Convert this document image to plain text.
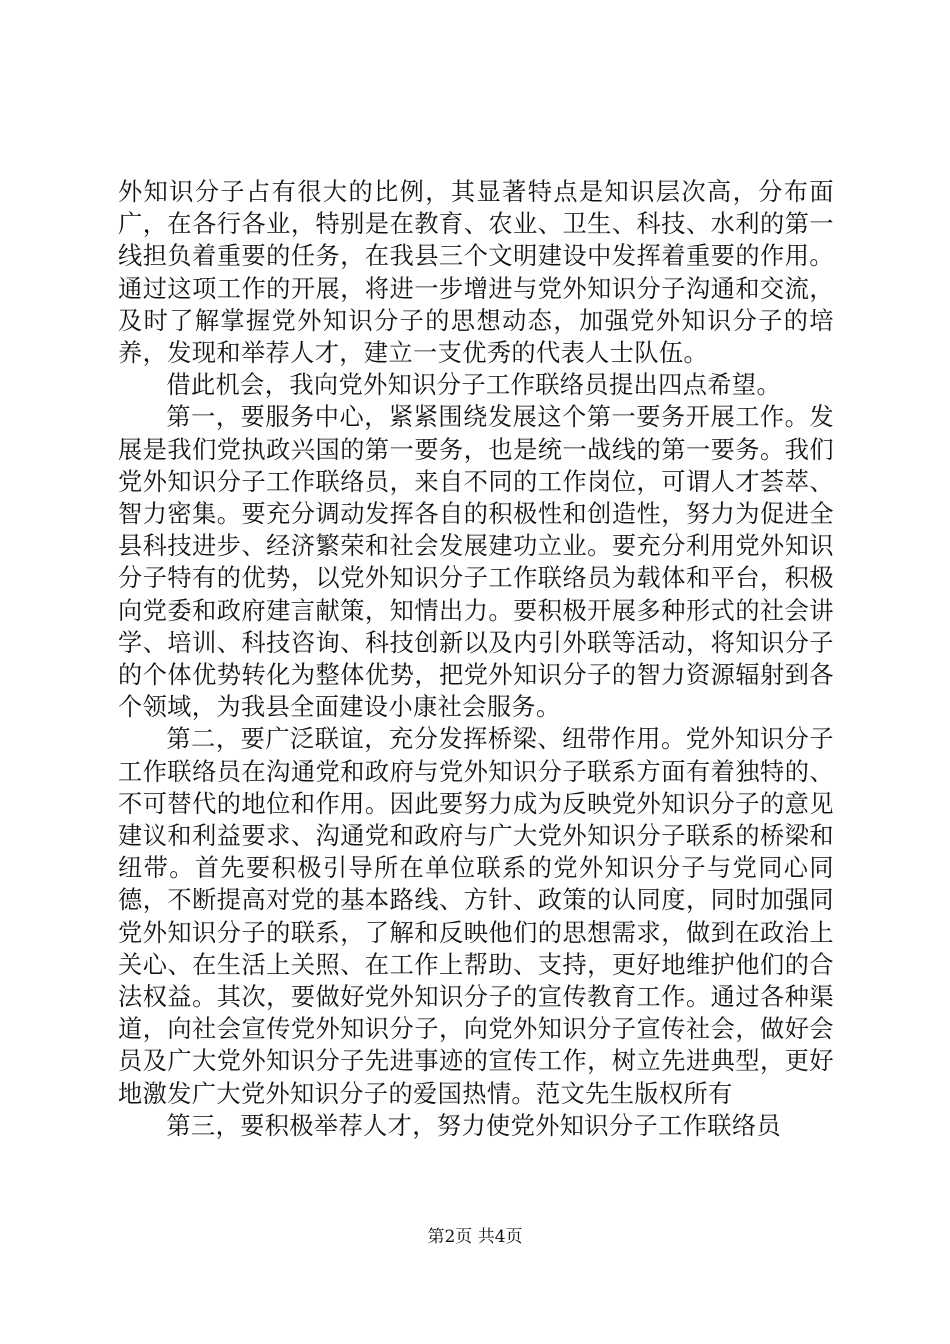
外知识分子占有很大的比例，其显著特点是知识层次高，分布面广，在各行各业，特别是在教育、农业、卫生、科技、水利的第一线担负着重要的任务，在我县三个文明建设中发挥着重要的作用。通过这项工作的开展，将进一步增进与党外知识分子沟通和交流，及时了解掌握党外知识分子的思想动态，加强党外知识分子的培养，发现和举荐人才，建立一支优秀的代表人士队伍。

借此机会，我向党外知识分子工作联络员提出四点希望。

第一，要服务中心，紧紧围绕发展这个第一要务开展工作。发展是我们党执政兴国的第一要务，也是统一战线的第一要务。我们党外知识分子工作联络员，来自不同的工作岗位，可谓人才荟萃、智力密集。要充分调动发挥各自的积极性和创造性，努力为促进全县科技进步、经济繁荣和社会发展建功立业。要充分利用党外知识分子特有的优势，以党外知识分子工作联络员为载体和平台，积极向党委和政府建言献策，知情出力。要积极开展多种形式的社会讲学、培训、科技咨询、科技创新以及内引外联等活动，将知识分子的个体优势转化为整体优势，把党外知识分子的智力资源辐射到各个领域，为我县全面建设小康社会服务。

第二，要广泛联谊，充分发挥桥梁、纽带作用。党外知识分子工作联络员在沟通党和政府与党外知识分子联系方面有着独特的、不可替代的地位和作用。因此要努力成为反映党外知识分子的意见建议和利益要求、沟通党和政府与广大党外知识分子联系的桥梁和纽带。首先要积极引导所在单位联系的党外知识分子与党同心同德，不断提高对党的基本路线、方针、政策的认同度，同时加强同党外知识分子的联系，了解和反映他们的思想需求，做到在政治上关心、在生活上关照、在工作上帮助、支持，更好地维护他们的合法权益。其次，要做好党外知识分子的宣传教育工作。通过各种渠道，向社会宣传党外知识分子，向党外知识分子宣传社会，做好会员及广大党外知识分子先进事迹的宣传工作，树立先进典型，更好地激发广大党外知识分子的爱国热情。范文先生版权所有

第三，要积极举荐人才，努力使党外知识分子工作联络员

第2页 共4页
